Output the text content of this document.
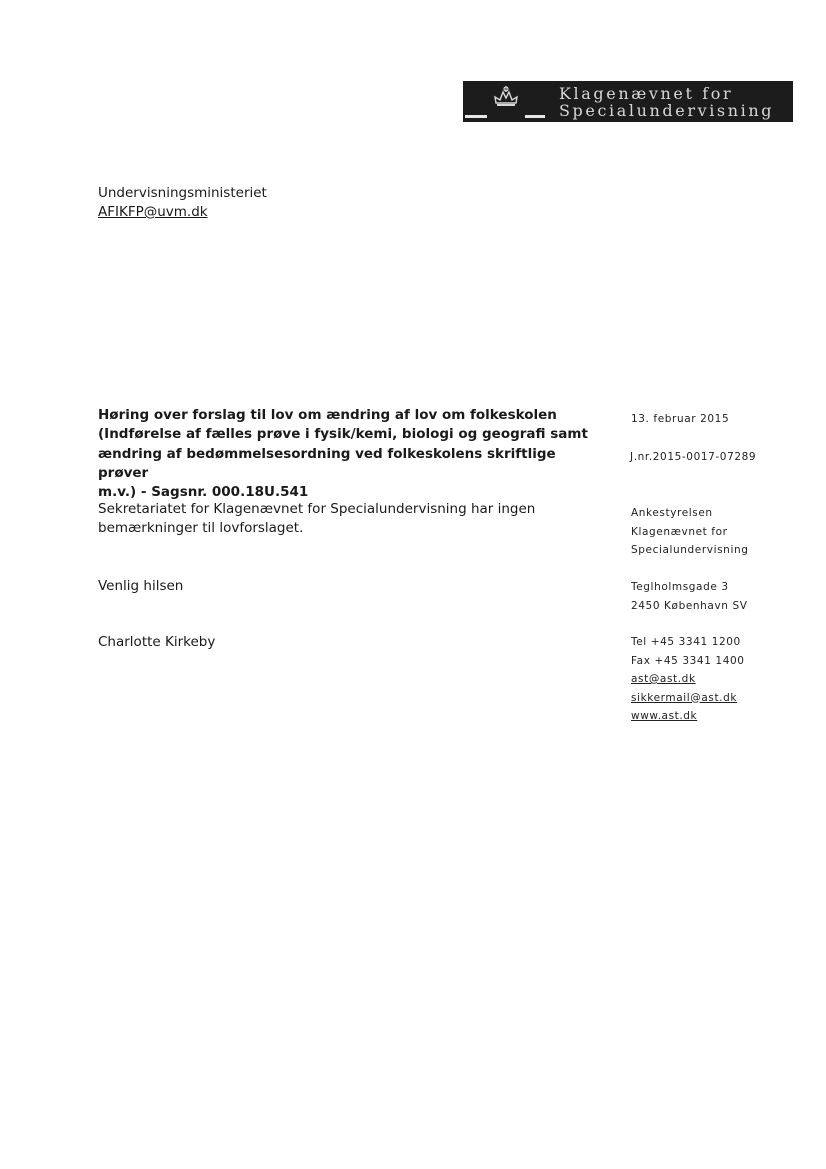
Klagenævnet for
Specialundervisning
Undervisningsministeriet
AFIKFP@uvm.dk
Høring over forslag til lov om ændring af lov om folkeskolen
(Indførelse af fælles prøve i fysik/kemi, biologi og geografi samt
ændring af bedømmelsesordning ved folkeskolens skriftlige prøver
m.v.) - Sagsnr. 000.18U.541
Sekretariatet for Klagenævnet for Specialundervisning har ingen
bemærkninger til lovforslaget.
Venlig hilsen
Charlotte Kirkeby
13. februar 2015
J.nr.2015-0017-07289
Ankestyrelsen
Klagenævnet for
Specialundervisning
Teglholmsgade 3
2450 København SV
Tel +45 3341 1200
Fax +45 3341 1400
ast@ast.dk
sikkermail@ast.dk
www.ast.dk
